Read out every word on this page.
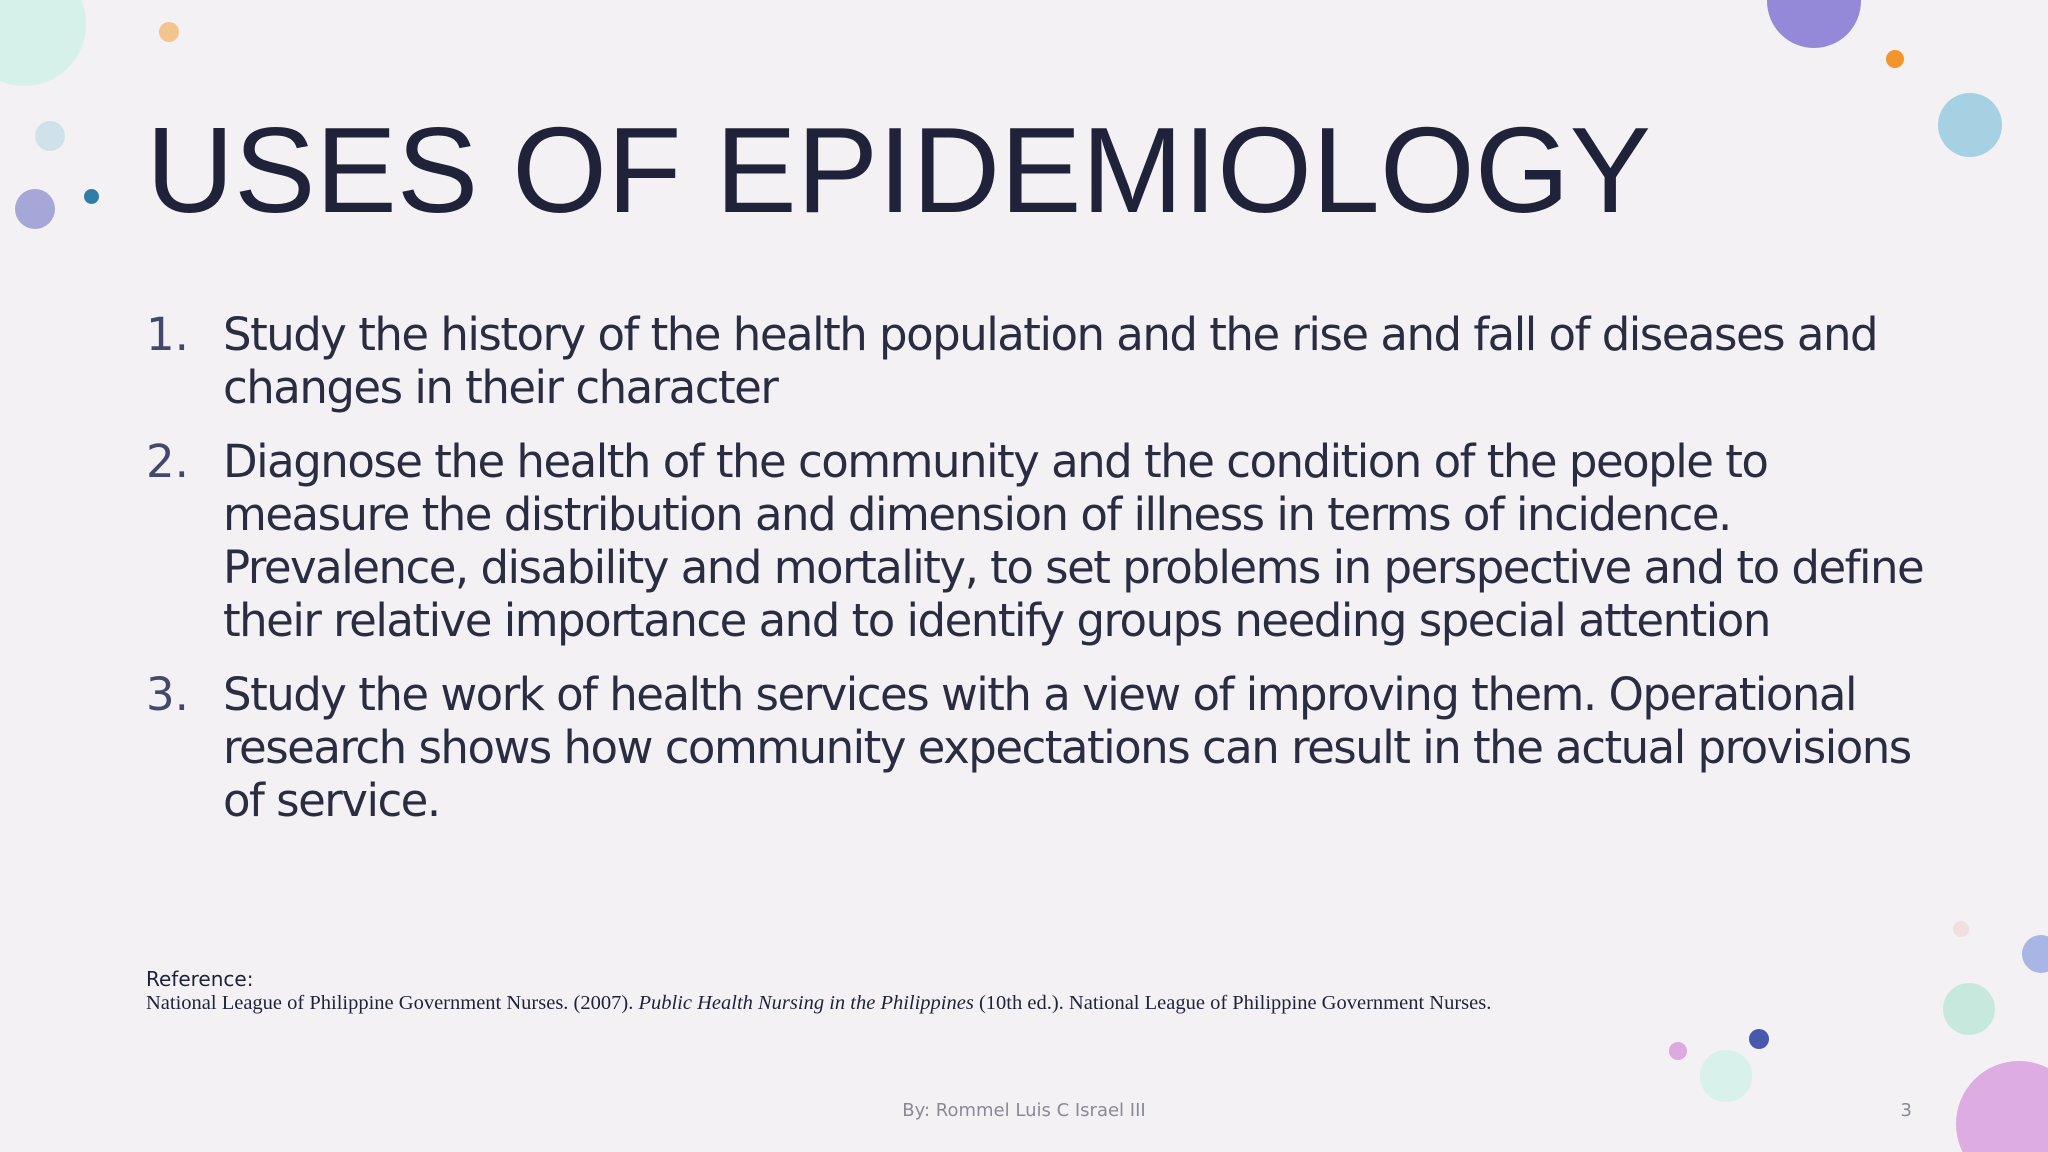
USES OF EPIDEMIOLOGY
1. Study the history of the health population and the rise and fall of diseases and changes in their character
2. Diagnose the health of the community and the condition of the people to measure the distribution and dimension of illness in terms of incidence. Prevalence, disability and mortality, to set problems in perspective and to define their relative importance and to identify groups needing special attention
3. Study the work of health services with a view of improving them. Operational research shows how community expectations can result in the actual provisions of service.
Reference:
National League of Philippine Government Nurses. (2007). Public Health Nursing in the Philippines (10th ed.). National League of Philippine Government Nurses.
By: Rommel Luis C Israel III	3
